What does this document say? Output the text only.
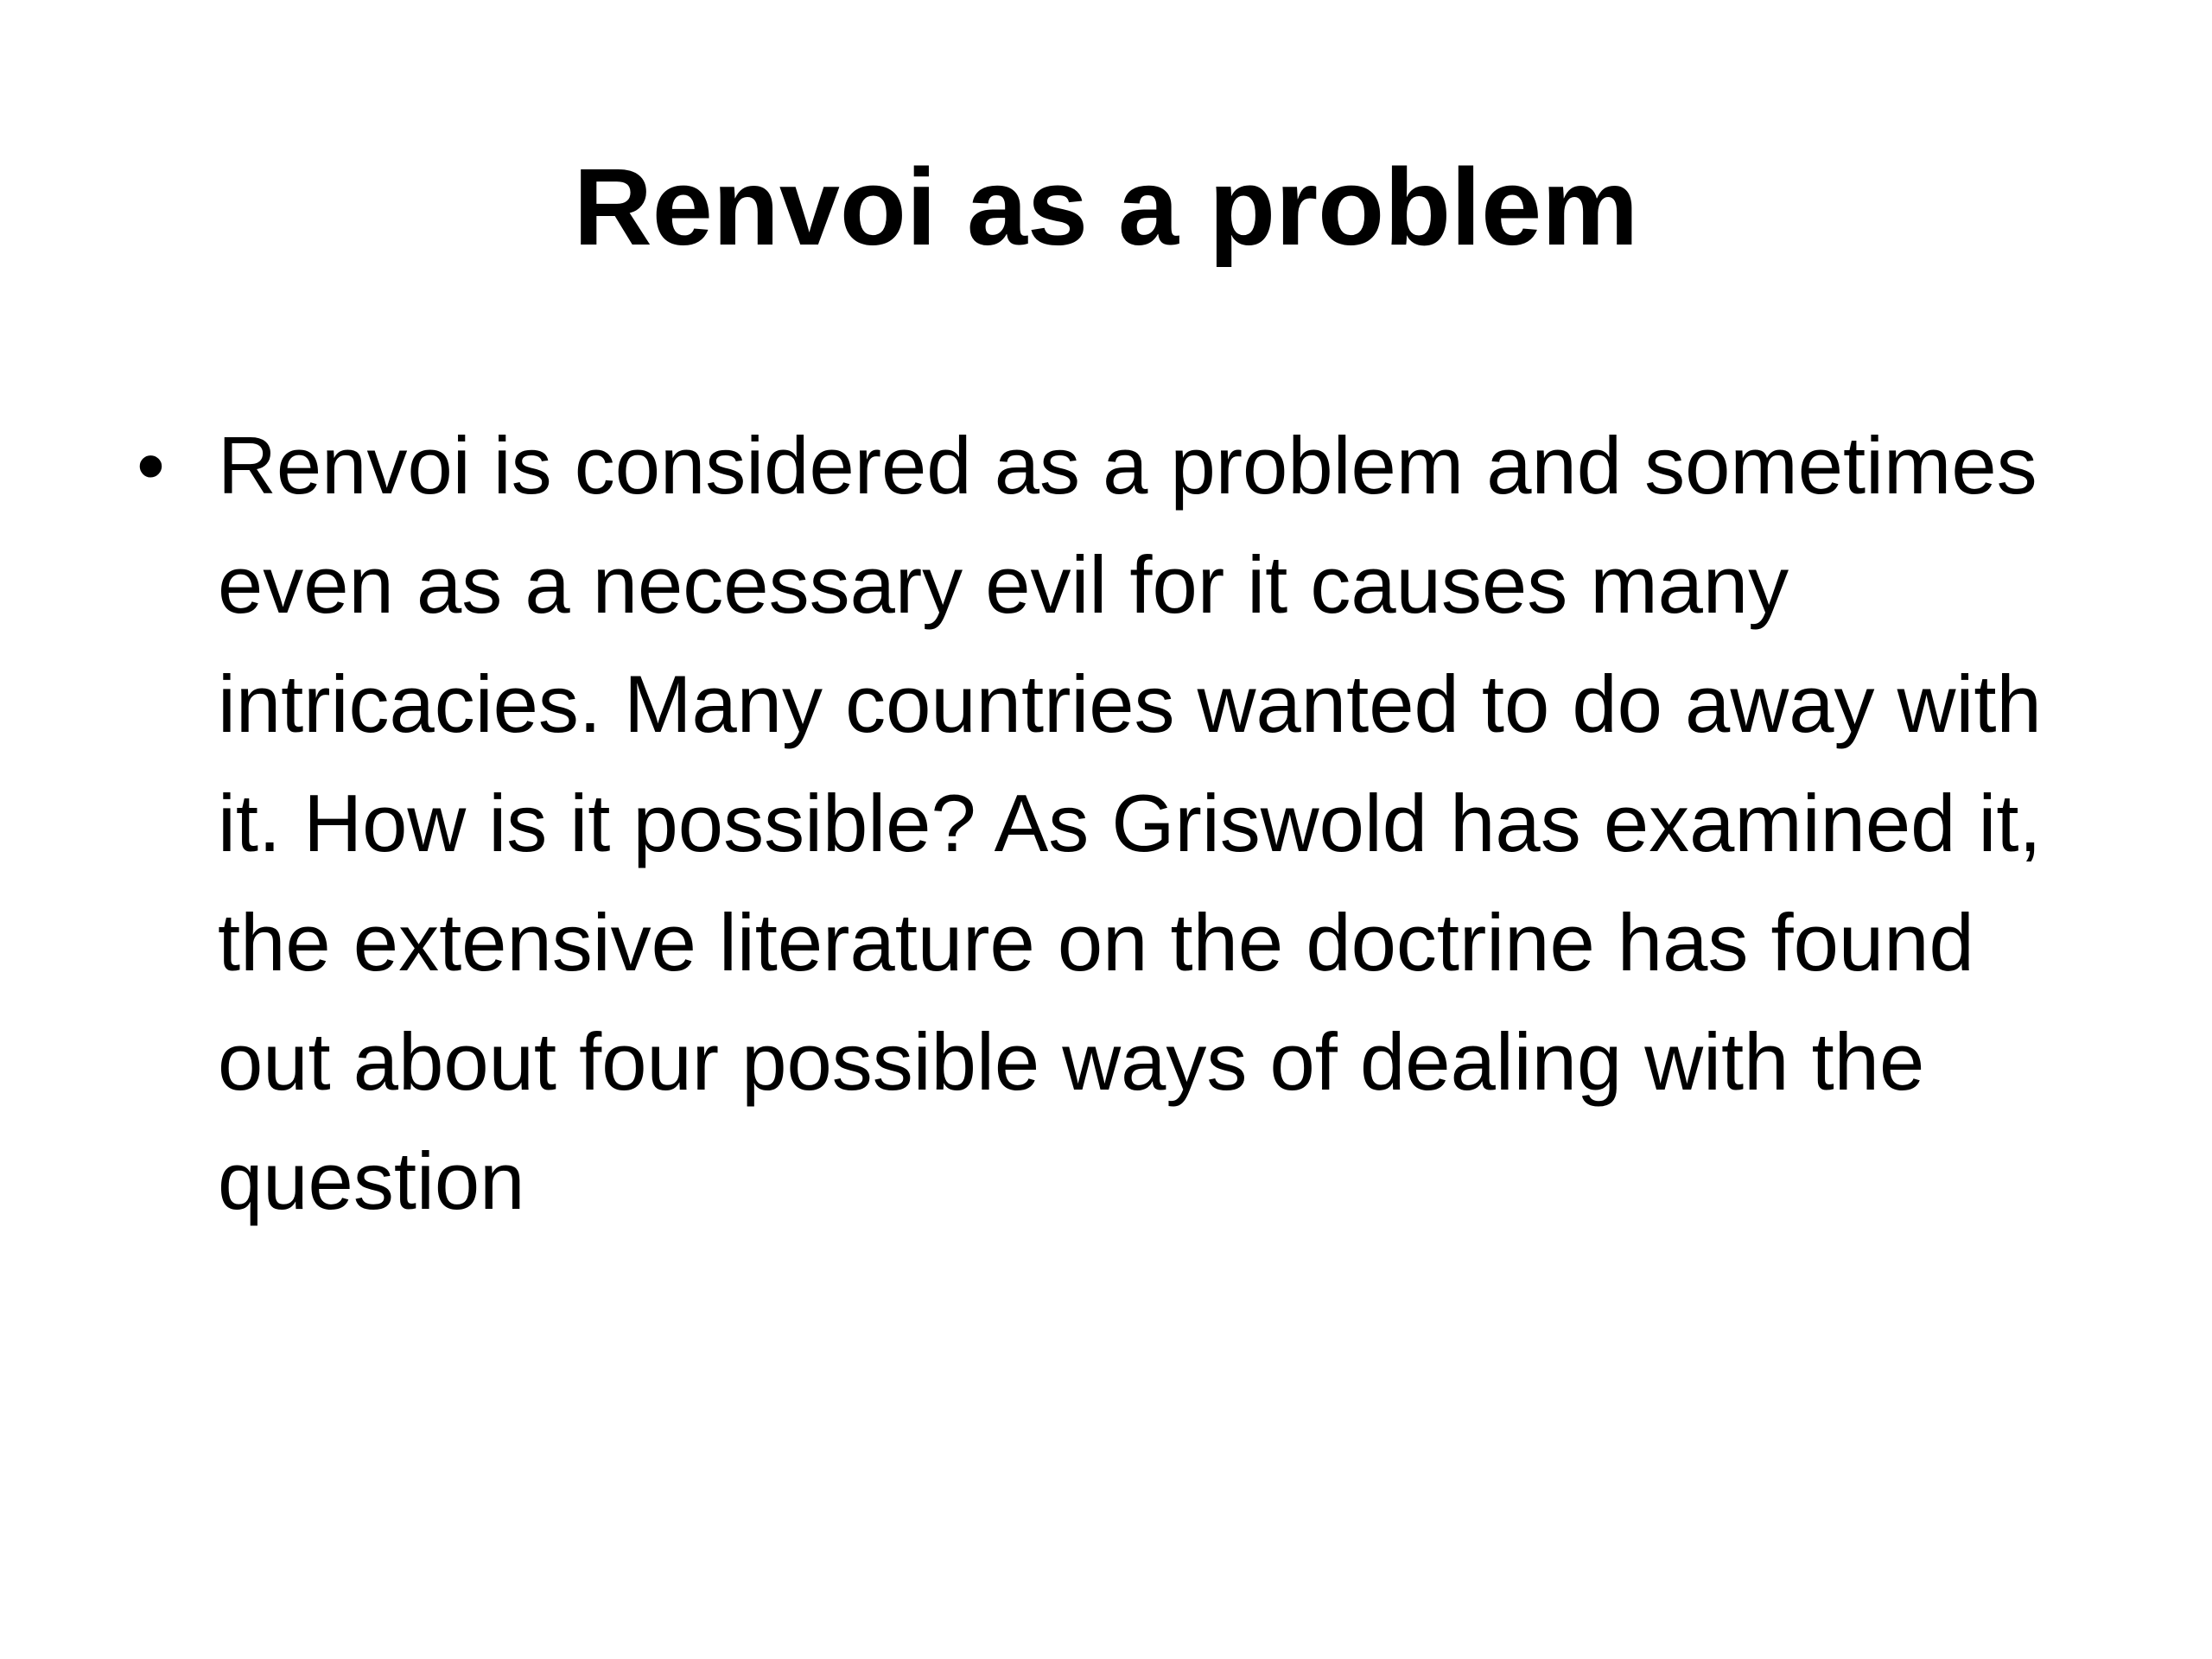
Renvoi as a problem
• Renvoi is considered as a problem and sometimes even as a necessary evil for it causes many intricacies. Many countries wanted to do away with it. How is it possible? As Griswold has examined it, the extensive literature on the doctrine has found out about four possible ways of dealing with the question
